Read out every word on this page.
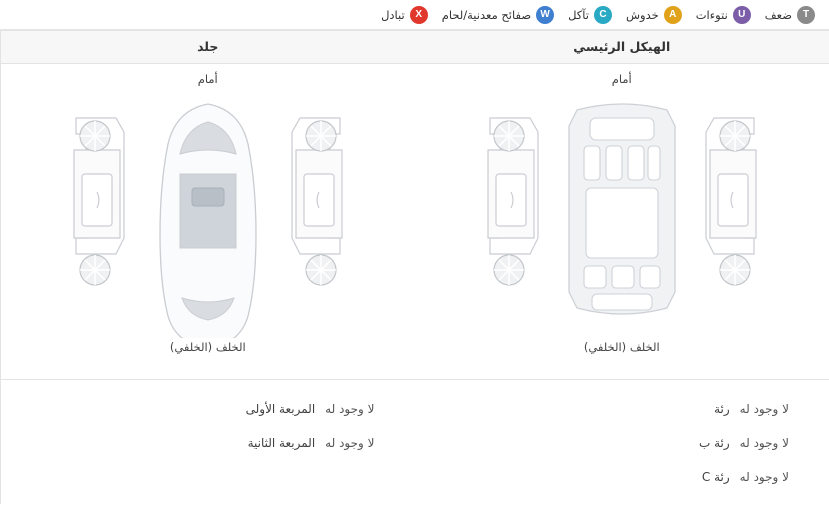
T
ضعف
U
نتوءات
A
خدوش
C
تآكل
W
صفائح معدنية/لحام
X
تبادل
الهيكل الرئيسي
أمام
الخلف (الخلفي)
لا وجود له
رئة
لا وجود له
رئة ب
لا وجود له
رئة C
جلد
أمام
الخلف (الخلفي)
لا وجود له
المربعة الأولى
لا وجود له
المربعة الثانية
